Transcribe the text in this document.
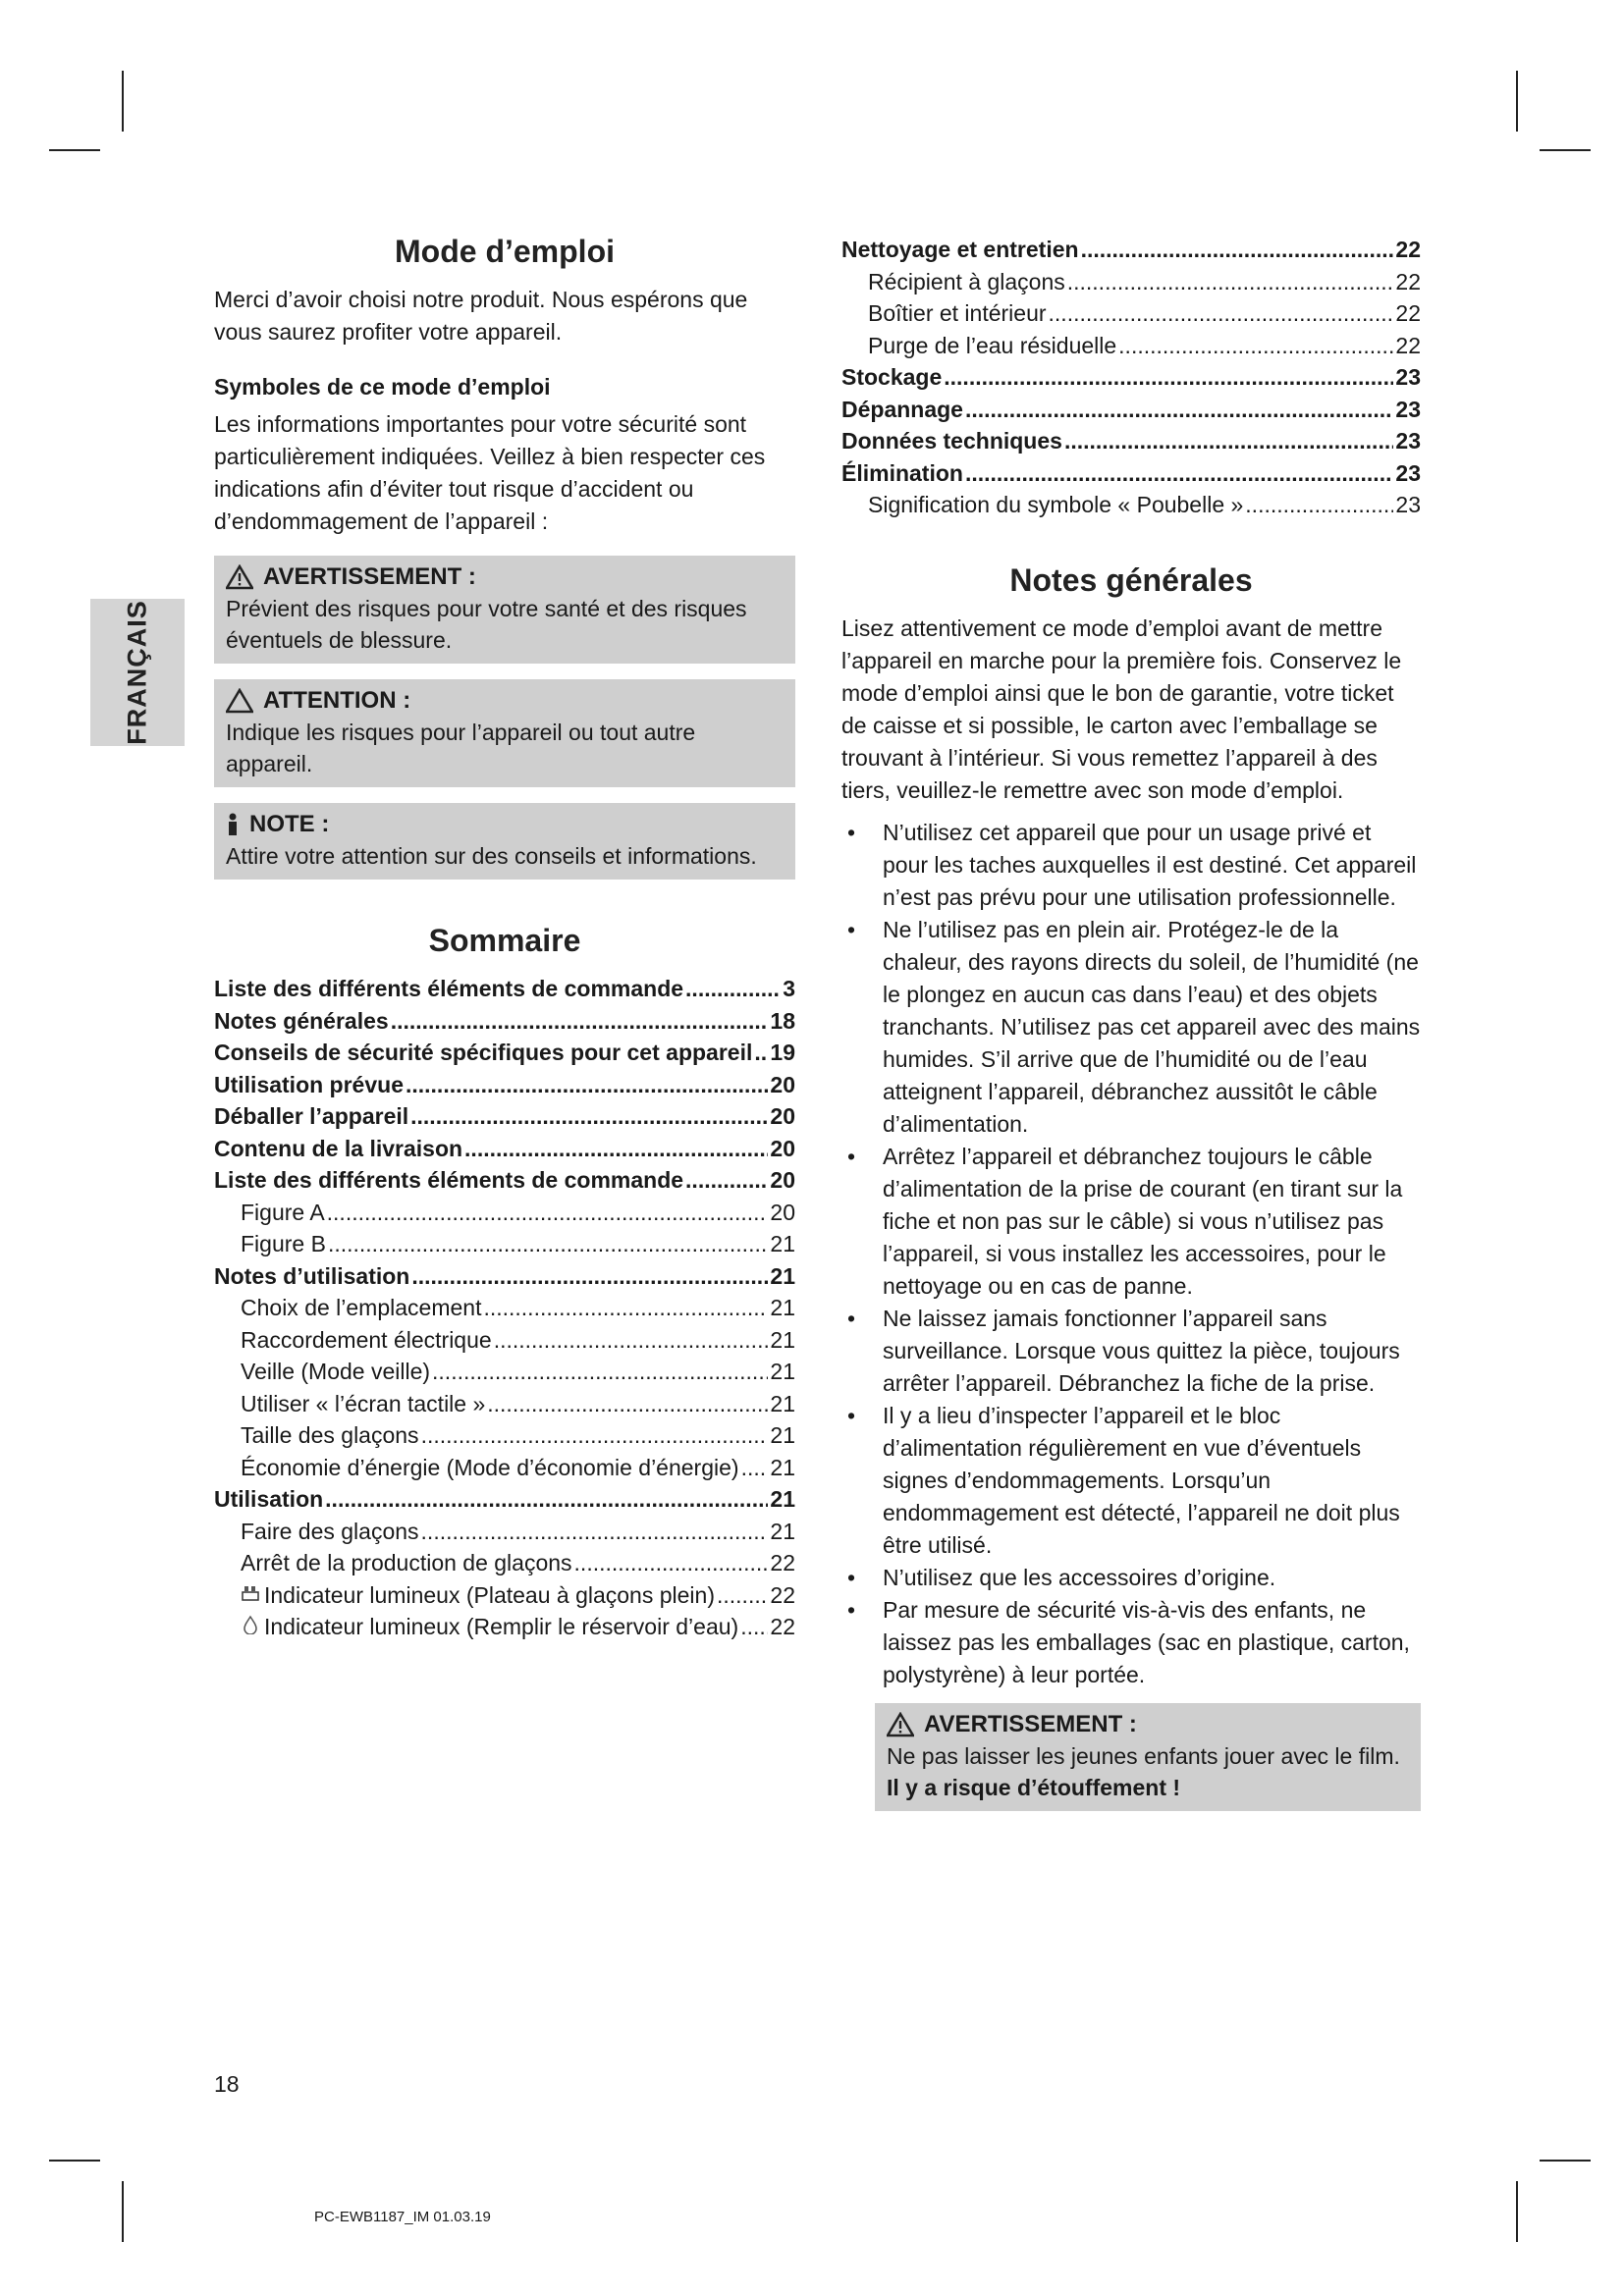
FRANÇAIS
Mode d’emploi

Merci d’avoir choisi notre produit. Nous espérons que vous saurez profiter votre appareil.

Symboles de ce mode d’emploi

Les informations importantes pour votre sécurité sont particulièrement indiquées. Veillez à bien respecter ces indications afin d’éviter tout risque d’accident ou d’endommagement de l’appareil :

AVERTISSEMENT :
Prévient des risques pour votre santé et des risques éventuels de blessure.
ATTENTION :
Indique les risques pour l’appareil ou tout autre appareil.
NOTE :
Attire votre attention sur des conseils et informations.
Sommaire
Liste des différents éléments de commande .....	3
Notes générales .....	18
Conseils de sécurité spécifiques pour cet appareil ..... 19
Utilisation prévue .....	20
Déballer l’appareil .....	20
Contenu de la livraison .....	20
Liste des différents éléments de commande .....	20
Figure A .....	20
Figure B .....	21
Notes d’utilisation .....	21
Choix de l’emplacement .....	21
Raccordement électrique .....	21
Veille (Mode veille) .....	21
Utiliser « l’écran tactile » .....	21
Taille des glaçons .....	21
Économie d’énergie (Mode d’économie d’énergie) ..... 21
Utilisation .....	21
Faire des glaçons .....	21
Arrêt de la production de glaçons .....	22
Indicateur lumineux (Plateau à glaçons plein) ..... 22
Indicateur lumineux (Remplir le réservoir d’eau) ..... 22
Nettoyage et entretien .....	22
Récipient à glaçons .....	22
Boîtier et intérieur .....	22
Purge de l’eau résiduelle .....	22
Stockage .....	23
Dépannage .....	23
Données techniques .....	23
Élimination .....	23
Signification du symbole « Poubelle » .....	23
Notes générales

Lisez attentivement ce mode d’emploi avant de mettre l’appareil en marche pour la première fois. Conservez le mode d’emploi ainsi que le bon de garantie, votre ticket de caisse et si possible, le carton avec l’emballage se trouvant à l’intérieur. Si vous remettez l’appareil à des tiers, veuillez-le remettre avec son mode d’emploi.

• N’utilisez cet appareil que pour un usage privé et pour les taches auxquelles il est destiné. Cet appareil n’est pas prévu pour une utilisation professionnelle.
• Ne l’utilisez pas en plein air. Protégez-le de la chaleur, des rayons directs du soleil, de l’humidité (ne le plongez en aucun cas dans l’eau) et des objets tranchants. N’utilisez pas cet appareil avec des mains humides. S’il arrive que de l’humidité ou de l’eau atteignent l’appareil, débranchez aussitôt le câble d’alimentation.
• Arrêtez l’appareil et débranchez toujours le câble d’alimentation de la prise de courant (en tirant sur la fiche et non pas sur le câble) si vous n’utilisez pas l’appareil, si vous installez les accessoires, pour le nettoyage ou en cas de panne.
• Ne laissez jamais fonctionner l’appareil sans surveillance. Lorsque vous quittez la pièce, toujours arrêter l’appareil. Débranchez la fiche de la prise.
• Il y a lieu d’inspecter l’appareil et le bloc d’alimentation régulièrement en vue d’éventuels signes d’endommagements. Lorsqu’un endommagement est détecté, l’appareil ne doit plus être utilisé.
• N’utilisez que les accessoires d’origine.
• Par mesure de sécurité vis-à-vis des enfants, ne laissez pas les emballages (sac en plastique, carton, polystyrène) à leur portée.
AVERTISSEMENT :
Ne pas laisser les jeunes enfants jouer avec le film.
Il y a risque d’étouffement !
18
PC-EWB1187_IM 01.03.19
